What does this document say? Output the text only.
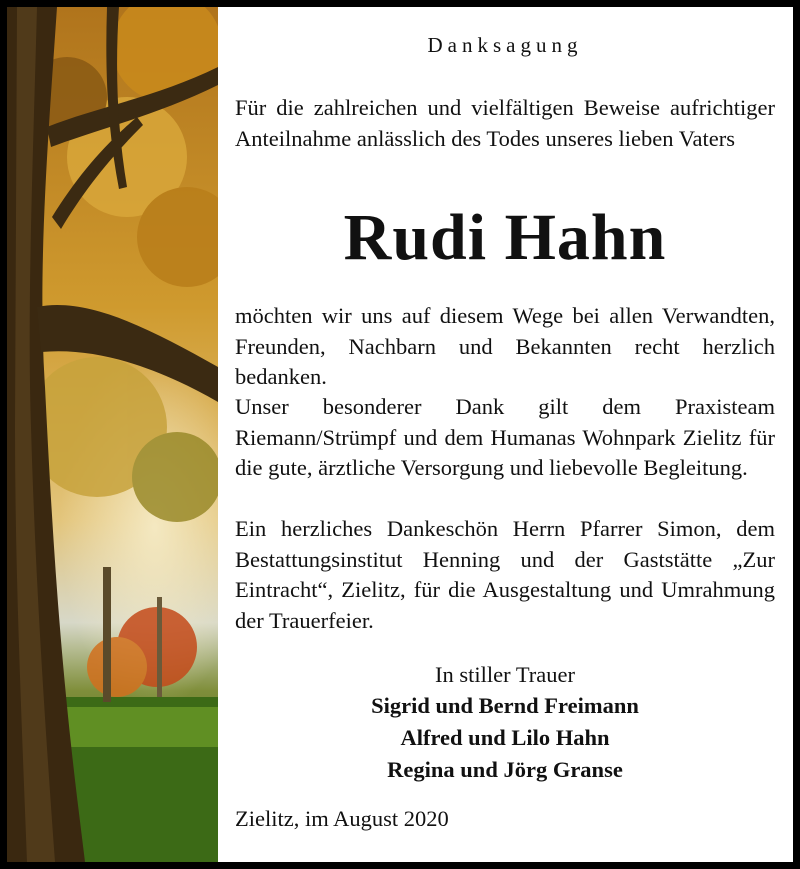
Danksagung
Für die zahlreichen und vielfältigen Beweise aufrichtiger Anteilnahme anlässlich des Todes unseres lieben Vaters
Rudi Hahn
möchten wir uns auf diesem Wege bei allen Verwandten, Freunden, Nachbarn und Bekannten recht herzlich bedanken.
Unser besonderer Dank gilt dem Praxisteam Riemann/Strümpf und dem Humanas Wohnpark Zielitz für die gute, ärztliche Versorgung und liebevolle Begleitung.
Ein herzliches Dankeschön Herrn Pfarrer Simon, dem Bestattungsinstitut Henning und der Gaststätte „Zur Eintracht“, Zielitz, für die Ausgestaltung und Umrahmung der Trauerfeier.
In stiller Trauer
Sigrid und Bernd Freimann
Alfred und Lilo Hahn
Regina und Jörg Granse
Zielitz, im August 2020
